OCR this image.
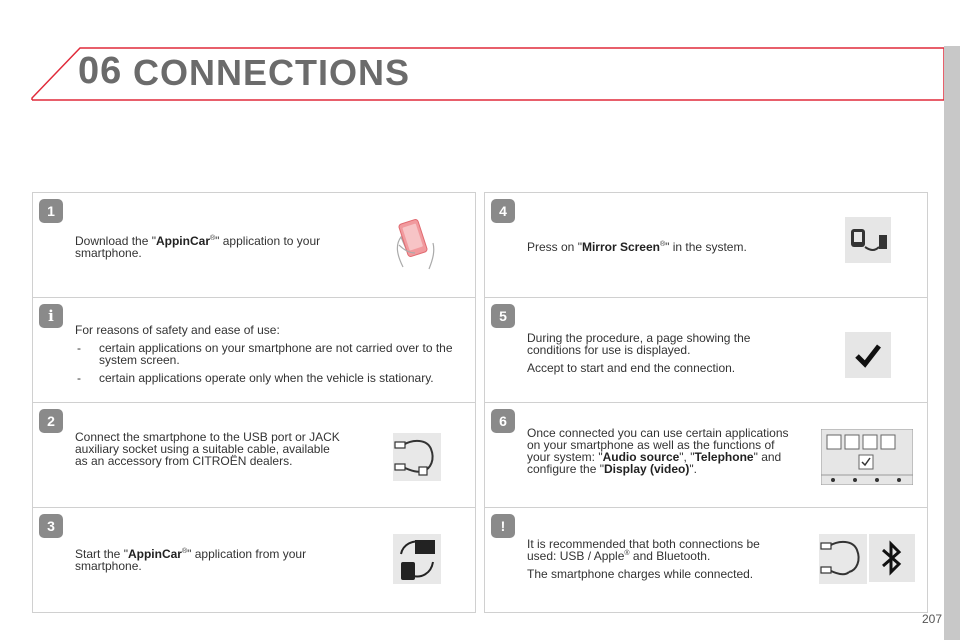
06 CONNECTIONS
1
Download the "AppinCar®" application to your smartphone.
i

For reasons of safety and ease of use:

- certain applications on your smartphone are not carried over to the system screen.
- certain applications operate only when the vehicle is stationary.
2
Connect the smartphone to the USB port or JACK auxiliary socket using a suitable cable, available as an accessory from CITROËN dealers.
3
Start the "AppinCar®" application from your smartphone.
4
Press on "Mirror Screen®" in the system.
5

During the procedure, a page showing the conditions for use is displayed.

Accept to start and end the connection.

6
Once connected you can use certain applications on your smartphone as well as the functions of your system: "Audio source", "Telephone" and configure the "Display (video)".
!

It is recommended that both connections be used: USB / Apple® and Bluetooth.

The smartphone charges while connected.

207
